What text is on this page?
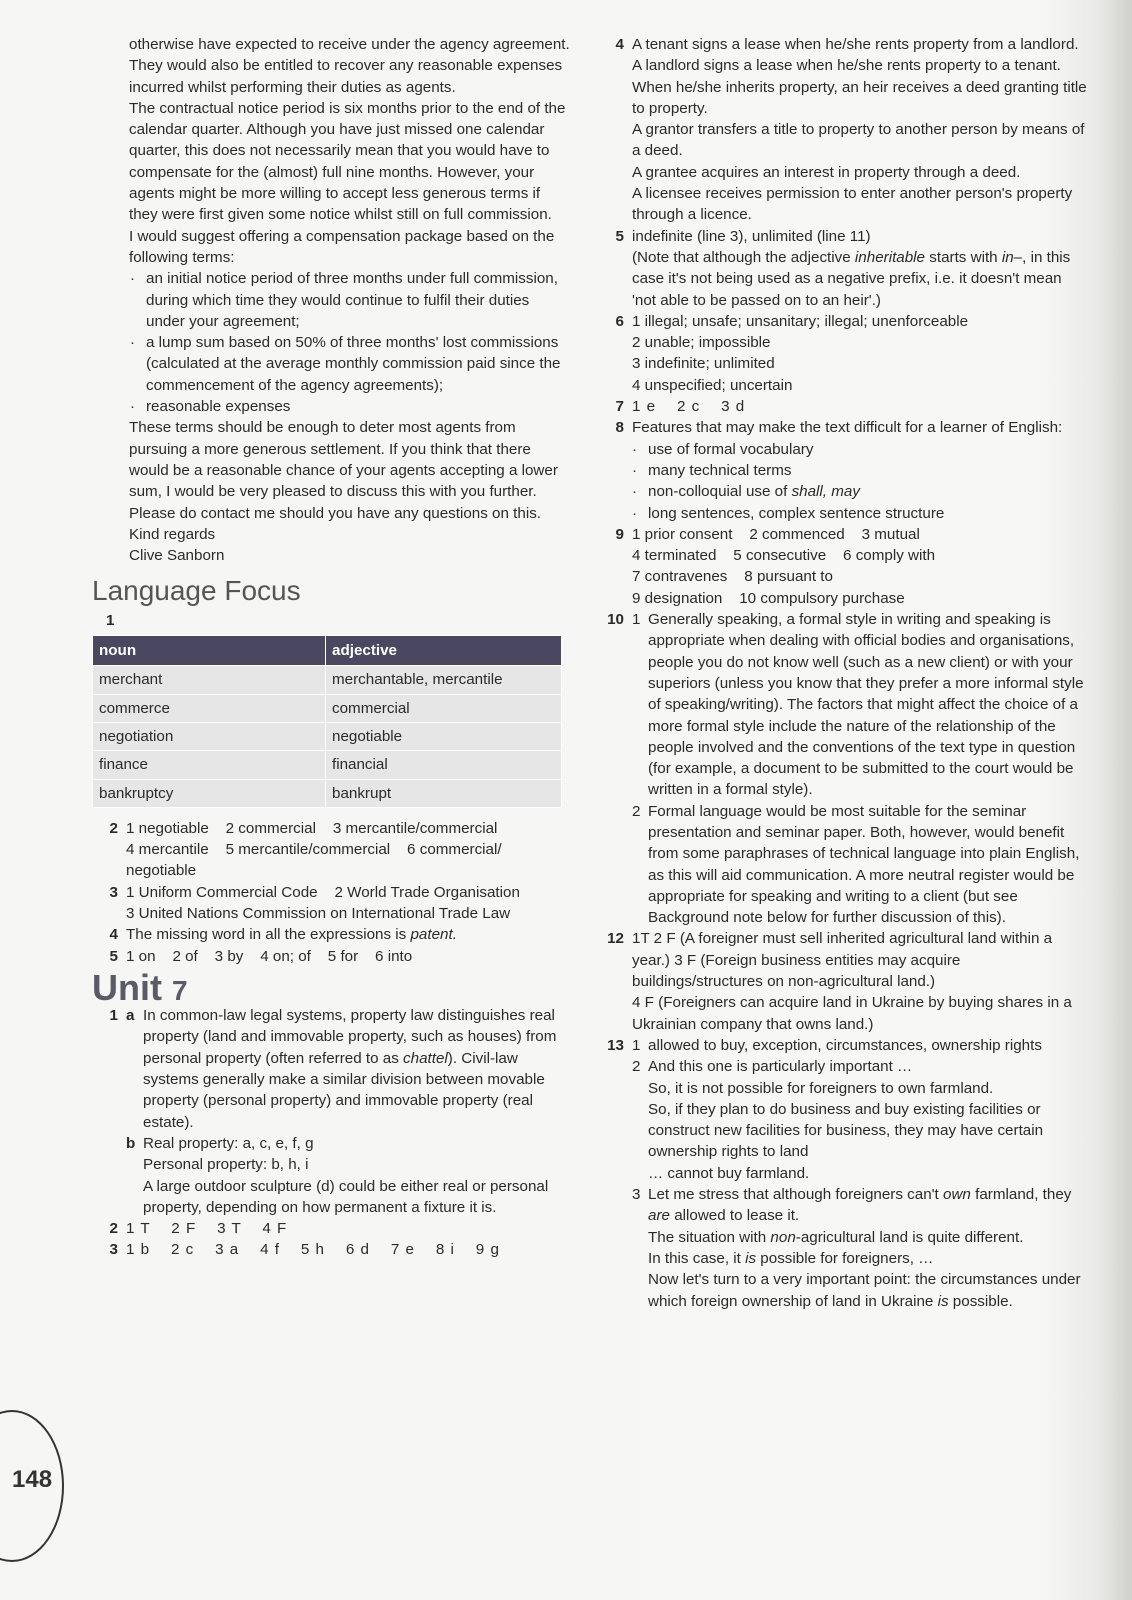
otherwise have expected to receive under the agency agreement. They would also be entitled to recover any reasonable expenses incurred whilst performing their duties as agents.

The contractual notice period is six months prior to the end of the calendar quarter. Although you have just missed one calendar quarter, this does not necessarily mean that you would have to compensate for the (almost) full nine months. However, your agents might be more willing to accept less generous terms if they were first given some notice whilst still on full commission.

I would suggest offering a compensation package based on the following terms:

· an initial notice period of three months under full commission, during which time they would continue to fulfil their duties under your agreement;
· a lump sum based on 50% of three months' lost commissions (calculated at the average monthly commission paid since the commencement of the agency agreements);
· reasonable expenses

These terms should be enough to deter most agents from pursuing a more generous settlement. If you think that there would be a reasonable chance of your agents accepting a lower sum, I would be very pleased to discuss this with you further.

Please do contact me should you have any questions on this.

Kind regards

Clive Sanborn

Language Focus
1
noun	adjective
merchant	merchantable, mercantile
commerce	commercial
negotiation	negotiable
finance	financial
bankruptcy	bankrupt
2 1 negotiable    2 commercial    3 mercantile/commercial

4 mercantile    5 mercantile/commercial    6 commercial/

negotiable

3 1 Uniform Commercial Code    2 World Trade Organisation

3 United Nations Commission on International Trade Law

4 The missing word in all the expressions is patent.

5 1 on    2 of    3 by    4 on; of    5 for    6 into

Unit 7
1 a In common-law legal systems, property law distinguishes real property (land and immovable property, such as houses) from personal property (often referred to as chattel). Civil-law systems generally make a similar division between movable property (personal property) and immovable property (real estate).

b Real property: a, c, e, f, g

Personal property: b, h, i

A large outdoor sculpture (d) could be either real or personal property, depending on how permanent a fixture it is.

2 1 T    2 F    3 T    4 F

3 1 b    2 c    3 a    4 f    5 h    6 d    7 e    8 i    9 g

4 A tenant signs a lease when he/she rents property from a landlord.

A landlord signs a lease when he/she rents property to a tenant.

When he/she inherits property, an heir receives a deed granting title to property.

A grantor transfers a title to property to another person by means of a deed.

A grantee acquires an interest in property through a deed.

A licensee receives permission to enter another person's property through a licence.

5 indefinite (line 3), unlimited (line 11)

(Note that although the adjective inheritable starts with in–, in this case it's not being used as a negative prefix, i.e. it doesn't mean 'not able to be passed on to an heir'.)

6 1 illegal; unsafe; unsanitary; illegal; unenforceable

2 unable; impossible

3 indefinite; unlimited

4 unspecified; uncertain

7 1 e    2 c    3 d

8 Features that may make the text difficult for a learner of English:

· use of formal vocabulary
· many technical terms
· non-colloquial use of shall, may
· long sentences, complex sentence structure
9 1 prior consent    2 commenced    3 mutual

4 terminated    5 consecutive    6 comply with

7 contravenes    8 pursuant to

9 designation    10 compulsory purchase

10 1 Generally speaking, a formal style in writing and speaking is appropriate when dealing with official bodies and organisations, people you do not know well (such as a new client) or with your superiors (unless you know that they prefer a more informal style of speaking/writing). The factors that might affect the choice of a more formal style include the nature of the relationship of the people involved and the conventions of the text type in question (for example, a document to be submitted to the court would be written in a formal style).

2 Formal language would be most suitable for the seminar presentation and seminar paper. Both, however, would benefit from some paraphrases of technical language into plain English, as this will aid communication. A more neutral register would be appropriate for speaking and writing to a client (but see Background note below for further discussion of this).

12 1T 2 F (A foreigner must sell inherited agricultural land within a year.) 3 F (Foreign business entities may acquire buildings/structures on non-agricultural land.)

4 F (Foreigners can acquire land in Ukraine by buying shares in a Ukrainian company that owns land.)

13 1 allowed to buy, exception, circumstances, ownership rights

2 And this one is particularly important …

So, it is not possible for foreigners to own farmland.

So, if they plan to do business and buy existing facilities or construct new facilities for business, they may have certain ownership rights to land

… cannot buy farmland.

3 Let me stress that although foreigners can't own farmland, they are allowed to lease it.

The situation with non-agricultural land is quite different.

In this case, it is possible for foreigners, …

Now let's turn to a very important point: the circumstances under which foreign ownership of land in Ukraine is possible.

148
